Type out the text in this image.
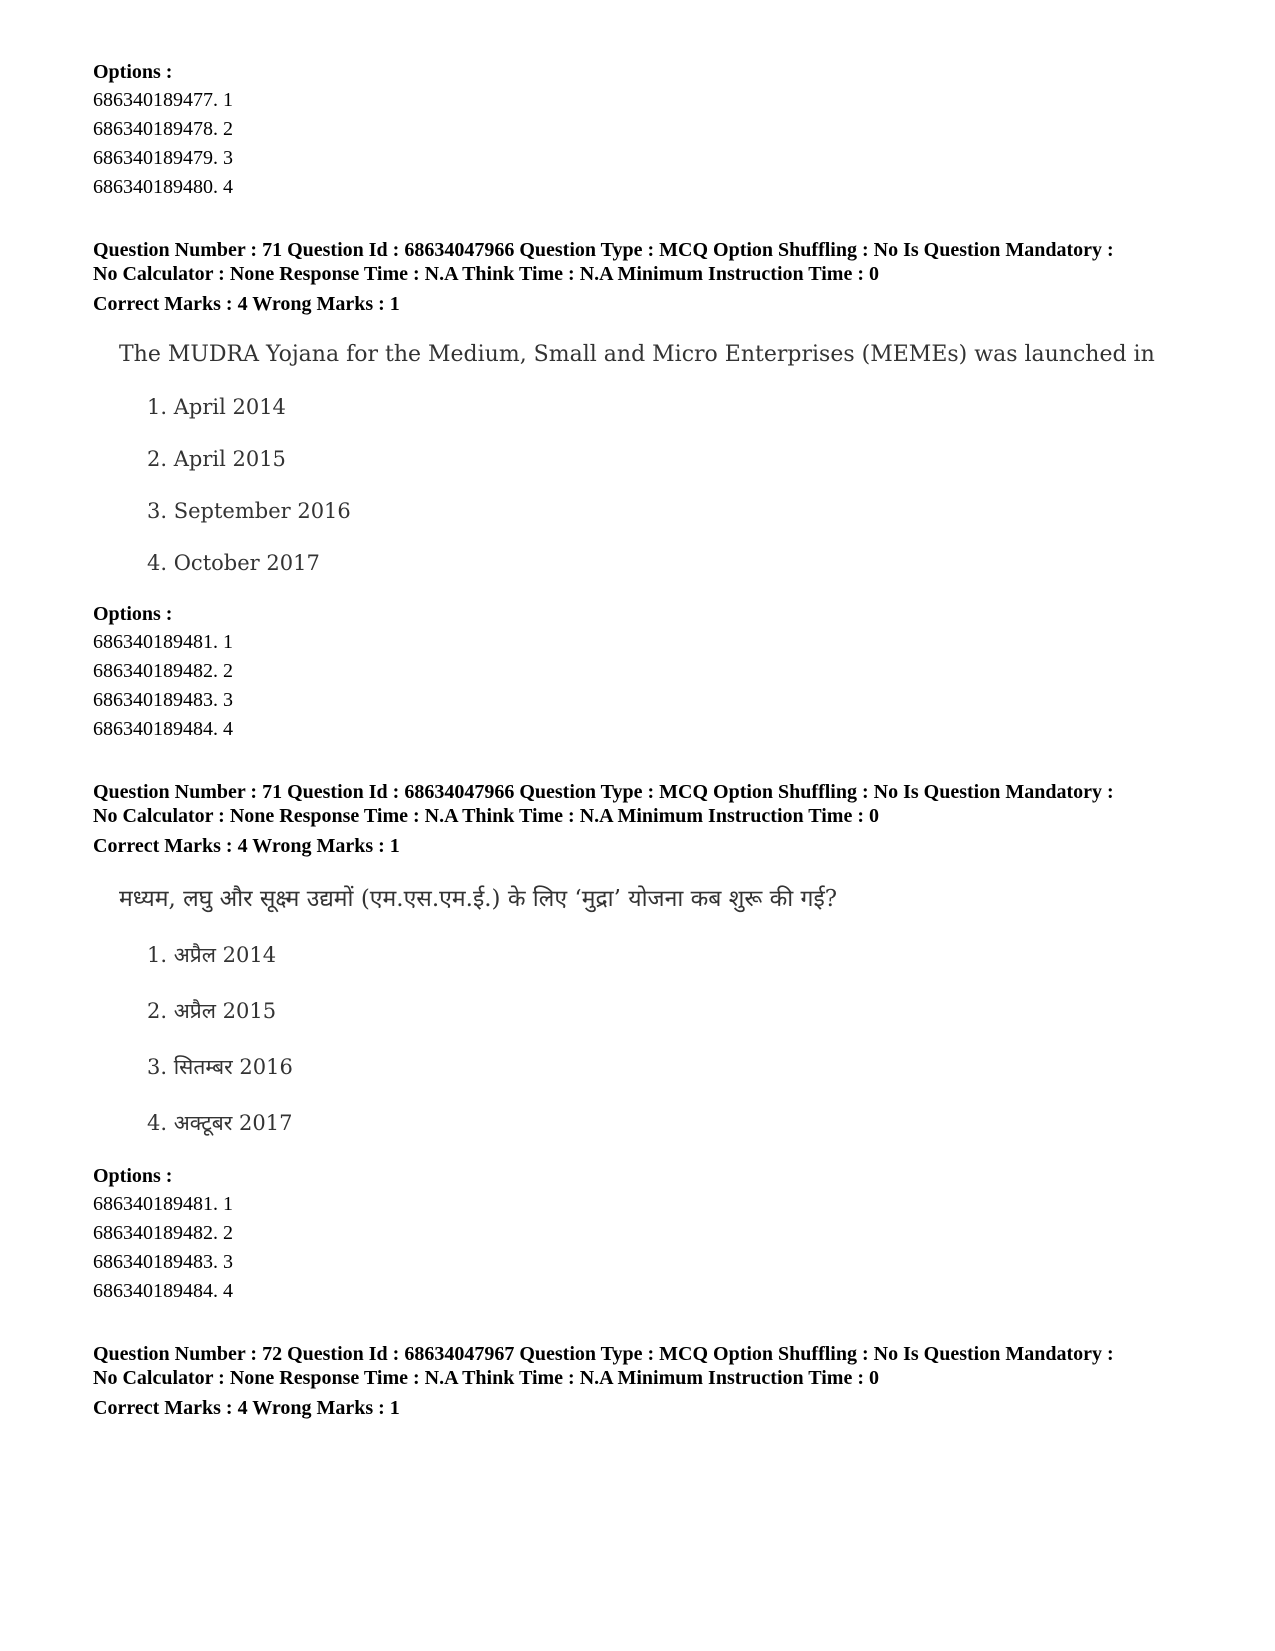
Options :
686340189477. 1
686340189478. 2
686340189479. 3
686340189480. 4
Question Number : 71 Question Id : 68634047966 Question Type : MCQ Option Shuffling : No Is Question Mandatory :
No Calculator : None Response Time : N.A Think Time : N.A Minimum Instruction Time : 0
Correct Marks : 4 Wrong Marks : 1
The MUDRA Yojana for the Medium, Small and Micro Enterprises (MEMEs) was launched in
1. April 2014
2. April 2015
3. September 2016
4. October 2017
Options :
686340189481. 1
686340189482. 2
686340189483. 3
686340189484. 4
Question Number : 71 Question Id : 68634047966 Question Type : MCQ Option Shuffling : No Is Question Mandatory :
No Calculator : None Response Time : N.A Think Time : N.A Minimum Instruction Time : 0
Correct Marks : 4 Wrong Marks : 1
मध्यम, लघु और सूक्ष्म उद्यमों (एम.एस.एम.ई.) के लिए ‘मुद्रा’ योजना कब शुरू की गई?
1. अप्रैल 2014
2. अप्रैल 2015
3. सितम्बर 2016
4. अक्टूबर 2017
Options :
686340189481. 1
686340189482. 2
686340189483. 3
686340189484. 4
Question Number : 72 Question Id : 68634047967 Question Type : MCQ Option Shuffling : No Is Question Mandatory :
No Calculator : None Response Time : N.A Think Time : N.A Minimum Instruction Time : 0
Correct Marks : 4 Wrong Marks : 1
